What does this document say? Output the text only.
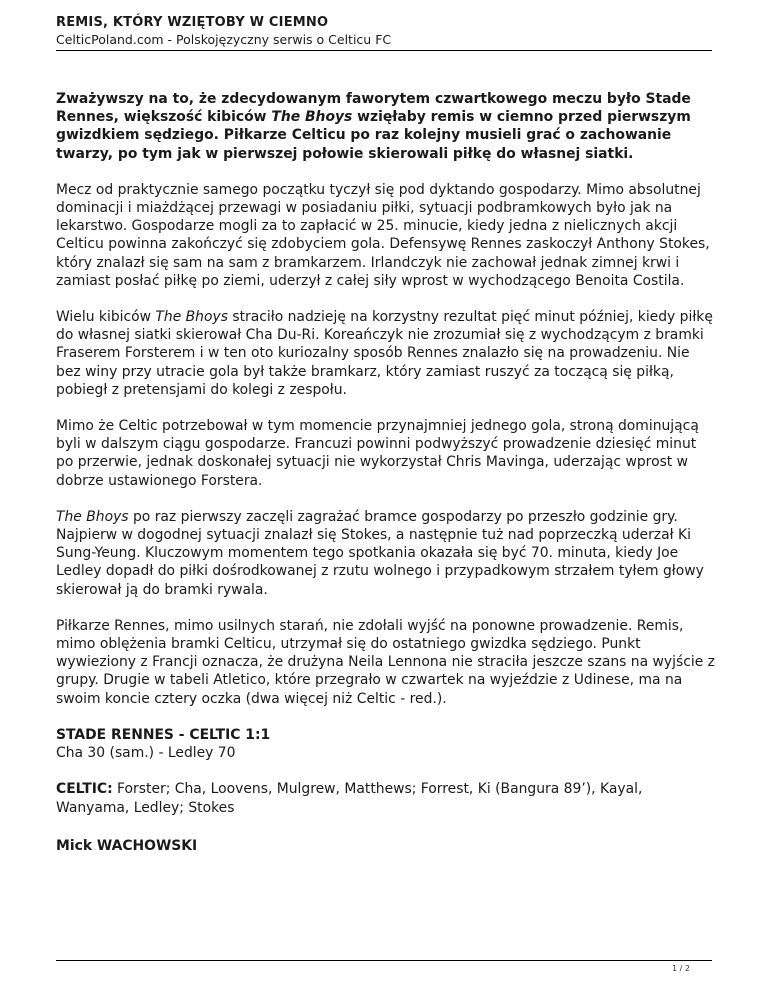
REMIS, KTÓRY WZIĘTOBY W CIEMNO
CelticPoland.com - Polskojęzyczny serwis o Celticu FC

Zważywszy na to, że zdecydowanym faworytem czwartkowego meczu było Stade Rennes, większość kibiców The Bhoys wzięłaby remis w ciemno przed pierwszym gwizdkiem sędziego. Piłkarze Celticu po raz kolejny musieli grać o zachowanie twarzy, po tym jak w pierwszej połowie skierowali piłkę do własnej siatki.

Mecz od praktycznie samego początku tyczył się pod dyktando gospodarzy. Mimo absolutnej dominacji i miażdżącej przewagi w posiadaniu piłki, sytuacji podbramkowych było jak na lekarstwo. Gospodarze mogli za to zapłacić w 25. minucie, kiedy jedna z nielicznych akcji Celticu powinna zakończyć się zdobyciem gola. Defensywę Rennes zaskoczył Anthony Stokes, który znalazł się sam na sam z bramkarzem. Irlandczyk nie zachował jednak zimnej krwi i zamiast posłać piłkę po ziemi, uderzył z całej siły wprost w wychodzącego Benoita Costila.

Wielu kibiców The Bhoys straciło nadzieję na korzystny rezultat pięć minut później, kiedy piłkę do własnej siatki skierował Cha Du-Ri. Koreańczyk nie zrozumiał się z wychodzącym z bramki Fraserem Forsterem i w ten oto kuriozalny sposób Rennes znalazło się na prowadzeniu. Nie bez winy przy utracie gola był także bramkarz, który zamiast ruszyć za toczącą się piłką, pobiegł z pretensjami do kolegi z zespołu.

Mimo że Celtic potrzebował w tym momencie przynajmniej jednego gola, stroną dominującą byli w dalszym ciągu gospodarze. Francuzi powinni podwyższyć prowadzenie dziesięć minut po przerwie, jednak doskonałej sytuacji nie wykorzystał Chris Mavinga, uderzając wprost w dobrze ustawionego Forstera.

The Bhoys po raz pierwszy zaczęli zagrażać bramce gospodarzy po przeszło godzinie gry. Najpierw w dogodnej sytuacji znalazł się Stokes, a następnie tuż nad poprzeczką uderzał Ki Sung-Yeung. Kluczowym momentem tego spotkania okazała się być 70. minuta, kiedy Joe Ledley dopadł do piłki dośrodkowanej z rzutu wolnego i przypadkowym strzałem tyłem głowy skierował ją do bramki rywala.

Piłkarze Rennes, mimo usilnych starań, nie zdołali wyjść na ponowne prowadzenie. Remis, mimo oblężenia bramki Celticu, utrzymał się do ostatniego gwizdka sędziego. Punkt wywieziony z Francji oznacza, że drużyna Neila Lennona nie straciła jeszcze szans na wyjście z grupy. Drugie w tabeli Atletico, które przegrało w czwartek na wyjeździe z Udinese, ma na swoim koncie cztery oczka (dwa więcej niż Celtic - red.).

STADE RENNES - CELTIC 1:1
Cha 30 (sam.) - Ledley 70

CELTIC: Forster; Cha, Loovens, Mulgrew, Matthews; Forrest, Ki (Bangura 89’), Kayal, Wanyama, Ledley; Stokes

Mick WACHOWSKI
1 / 2
